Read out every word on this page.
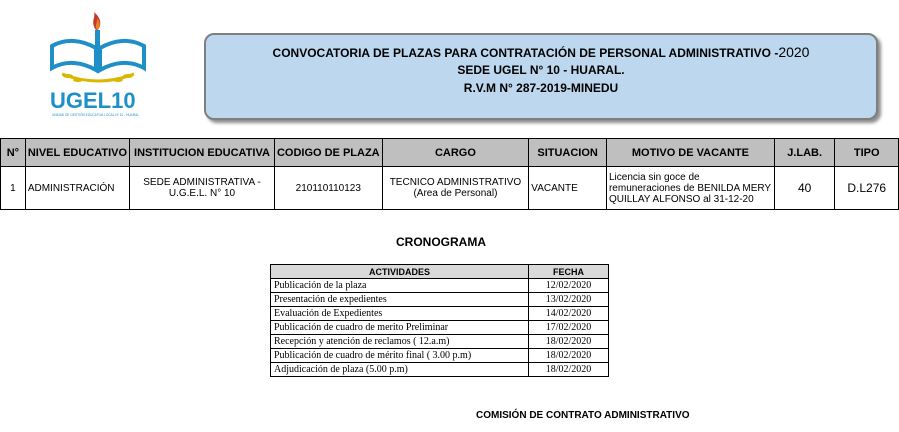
UGEL10
UNIDAD DE GESTIÓN EDUCATIVA LOCAL Nº 10 - HUARAL
CONVOCATORIA DE PLAZAS PARA CONTRATACIÓN DE PERSONAL ADMINISTRATIVO -2020
SEDE UGEL N° 10 - HUARAL.
R.V.M N° 287-2019-MINEDU
N°	NIVEL EDUCATIVO	INSTITUCION EDUCATIVA	CODIGO DE PLAZA	CARGO	SITUACION	MOTIVO DE VACANTE	J.LAB.	TIPO
1	ADMINISTRACIÓN	SEDE ADMINISTRATIVA - U.G.E.L. N° 10	210110110123	TECNICO ADMINISTRATIVO (Area de Personal)	VACANTE	Licencia sin goce de remuneraciones de BENILDA MERY QUILLAY ALFONSO al 31-12-20	40	D.L276
CRONOGRAMA
ACTIVIDADES	FECHA
Publicación de la plaza	12/02/2020
Presentación de expedientes	13/02/2020
Evaluación de Expedientes	14/02/2020
Publicación de cuadro de merito Preliminar	17/02/2020
Recepción y atención de reclamos ( 12.a.m)	18/02/2020
Publicación de cuadro de mérito final ( 3.00 p.m)	18/02/2020
Adjudicación de plaza (5.00 p.m)	18/02/2020
COMISIÓN DE CONTRATO ADMINISTRATIVO
